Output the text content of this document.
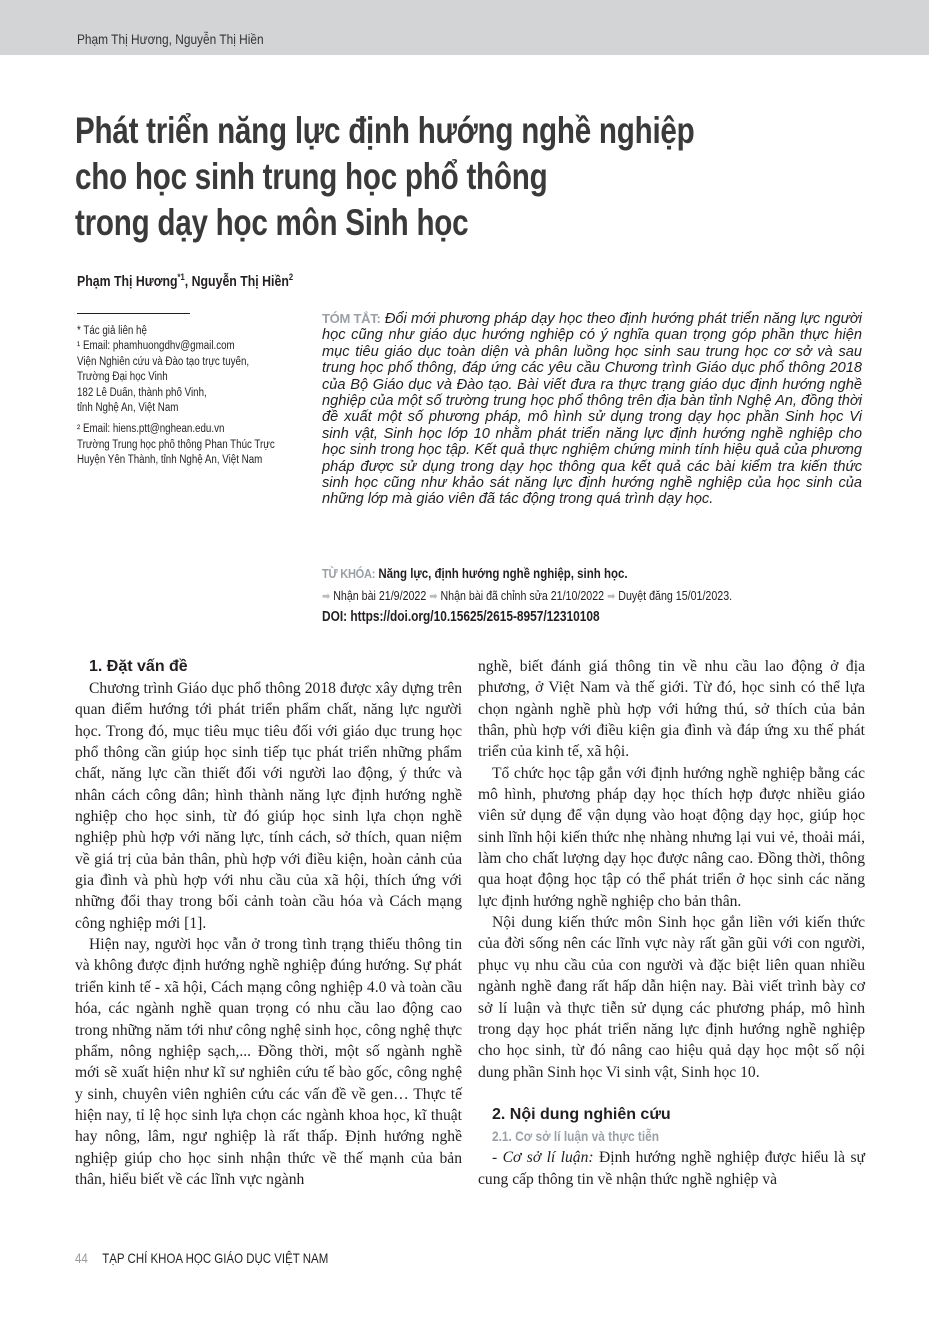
Phạm Thị Hương, Nguyễn Thị Hiền
Phát triển năng lực định hướng nghề nghiệp
cho học sinh trung học phổ thông
trong dạy học môn Sinh học
Phạm Thị Hương$^{*1}$, Nguyễn Thị Hiền$^2$
* Tác giả liên hệ
¹ Email: phamhuongdhv@gmail.com
Viện Nghiên cứu và Đào tạo trực tuyến,
Trường Đại học Vinh
182 Lê Duẩn, thành phố Vinh,
tỉnh Nghệ An, Việt Nam
² Email: hiens.ptt@nghean.edu.vn
Trường Trung học phổ thông Phan Thúc Trực
Huyện Yên Thành, tỉnh Nghệ An, Việt Nam
TÓM TẮT: Đổi mới phương pháp dạy học theo định hướng phát triển năng lực người học cũng như giáo dục hướng nghiệp có ý nghĩa quan trọng góp phần thực hiện mục tiêu giáo dục toàn diện và phân luồng học sinh sau trung học cơ sở và sau trung học phổ thông, đáp ứng các yêu cầu Chương trình Giáo dục phổ thông 2018 của Bộ Giáo dục và Đào tạo. Bài viết đưa ra thực trạng giáo dục định hướng nghề nghiệp của một số trường trung học phổ thông trên địa bàn tỉnh Nghệ An, đồng thời đề xuất một số phương pháp, mô hình sử dụng trong dạy học phần Sinh học Vi sinh vật, Sinh học lớp 10 nhằm phát triển năng lực định hướng nghề nghiệp cho học sinh trong học tập. Kết quả thực nghiệm chứng minh tính hiệu quả của phương pháp được sử dụng trong dạy học thông qua kết quả các bài kiểm tra kiến thức sinh học cũng như khảo sát năng lực định hướng nghề nghiệp của học sinh của những lớp mà giáo viên đã tác động trong quá trình dạy học.
TỪ KHÓA: Năng lực, định hướng nghề nghiệp, sinh học.
➡ Nhận bài 21/9/2022 ➡ Nhận bài đã chỉnh sửa 21/10/2022 ➡ Duyệt đăng 15/01/2023.
DOI: https://doi.org/10.15625/2615-8957/12310108
1. Đặt vấn đề

Chương trình Giáo dục phổ thông 2018 được xây dựng trên quan điểm hướng tới phát triển phẩm chất, năng lực người học. Trong đó, mục tiêu mục tiêu đối với giáo dục trung học phổ thông cần giúp học sinh tiếp tục phát triển những phẩm chất, năng lực cần thiết đối với người lao động, ý thức và nhân cách công dân; hình thành năng lực định hướng nghề nghiệp cho học sinh, từ đó giúp học sinh lựa chọn nghề nghiệp phù hợp với năng lực, tính cách, sở thích, quan niệm về giá trị của bản thân, phù hợp với điều kiện, hoàn cảnh của gia đình và phù hợp với nhu cầu của xã hội, thích ứng với những đổi thay trong bối cảnh toàn cầu hóa và Cách mạng công nghiệp mới [1].

Hiện nay, người học vẫn ở trong tình trạng thiếu thông tin và không được định hướng nghề nghiệp đúng hướng. Sự phát triển kinh tế - xã hội, Cách mạng công nghiệp 4.0 và toàn cầu hóa, các ngành nghề quan trọng có nhu cầu lao động cao trong những năm tới như công nghệ sinh học, công nghệ thực phẩm, nông nghiệp sạch,... Đồng thời, một số ngành nghề mới sẽ xuất hiện như kĩ sư nghiên cứu tế bào gốc, công nghệ y sinh, chuyên viên nghiên cứu các vấn đề về gen… Thực tế hiện nay, tỉ lệ học sinh lựa chọn các ngành khoa học, kĩ thuật hay nông, lâm, ngư nghiệp là rất thấp. Định hướng nghề nghiệp giúp cho học sinh nhận thức về thế mạnh của bản thân, hiểu biết về các lĩnh vực ngành

nghề, biết đánh giá thông tin về nhu cầu lao động ở địa phương, ở Việt Nam và thế giới. Từ đó, học sinh có thể lựa chọn ngành nghề phù hợp với hứng thú, sở thích của bản thân, phù hợp với điều kiện gia đình và đáp ứng xu thế phát triển của kinh tế, xã hội.

Tổ chức học tập gắn với định hướng nghề nghiệp bằng các mô hình, phương pháp dạy học thích hợp được nhiều giáo viên sử dụng để vận dụng vào hoạt động dạy học, giúp học sinh lĩnh hội kiến thức nhẹ nhàng nhưng lại vui vẻ, thoải mái, làm cho chất lượng dạy học được nâng cao. Đồng thời, thông qua hoạt động học tập có thể phát triển ở học sinh các năng lực định hướng nghề nghiệp cho bản thân.

Nội dung kiến thức môn Sinh học gắn liền với kiến thức của đời sống nên các lĩnh vực này rất gần gũi với con người, phục vụ nhu cầu của con người và đặc biệt liên quan nhiều ngành nghề đang rất hấp dẫn hiện nay. Bài viết trình bày cơ sở lí luận và thực tiễn sử dụng các phương pháp, mô hình trong dạy học phát triển năng lực định hướng nghề nghiệp cho học sinh, từ đó nâng cao hiệu quả dạy học một số nội dung phần Sinh học Vi sinh vật, Sinh học 10.

2. Nội dung nghiên cứu
2.1. Cơ sở lí luận và thực tiễn

- Cơ sở lí luận: Định hướng nghề nghiệp được hiểu là sự cung cấp thông tin về nhận thức nghề nghiệp và

44 TẠP CHÍ KHOA HỌC GIÁO DỤC VIỆT NAM
